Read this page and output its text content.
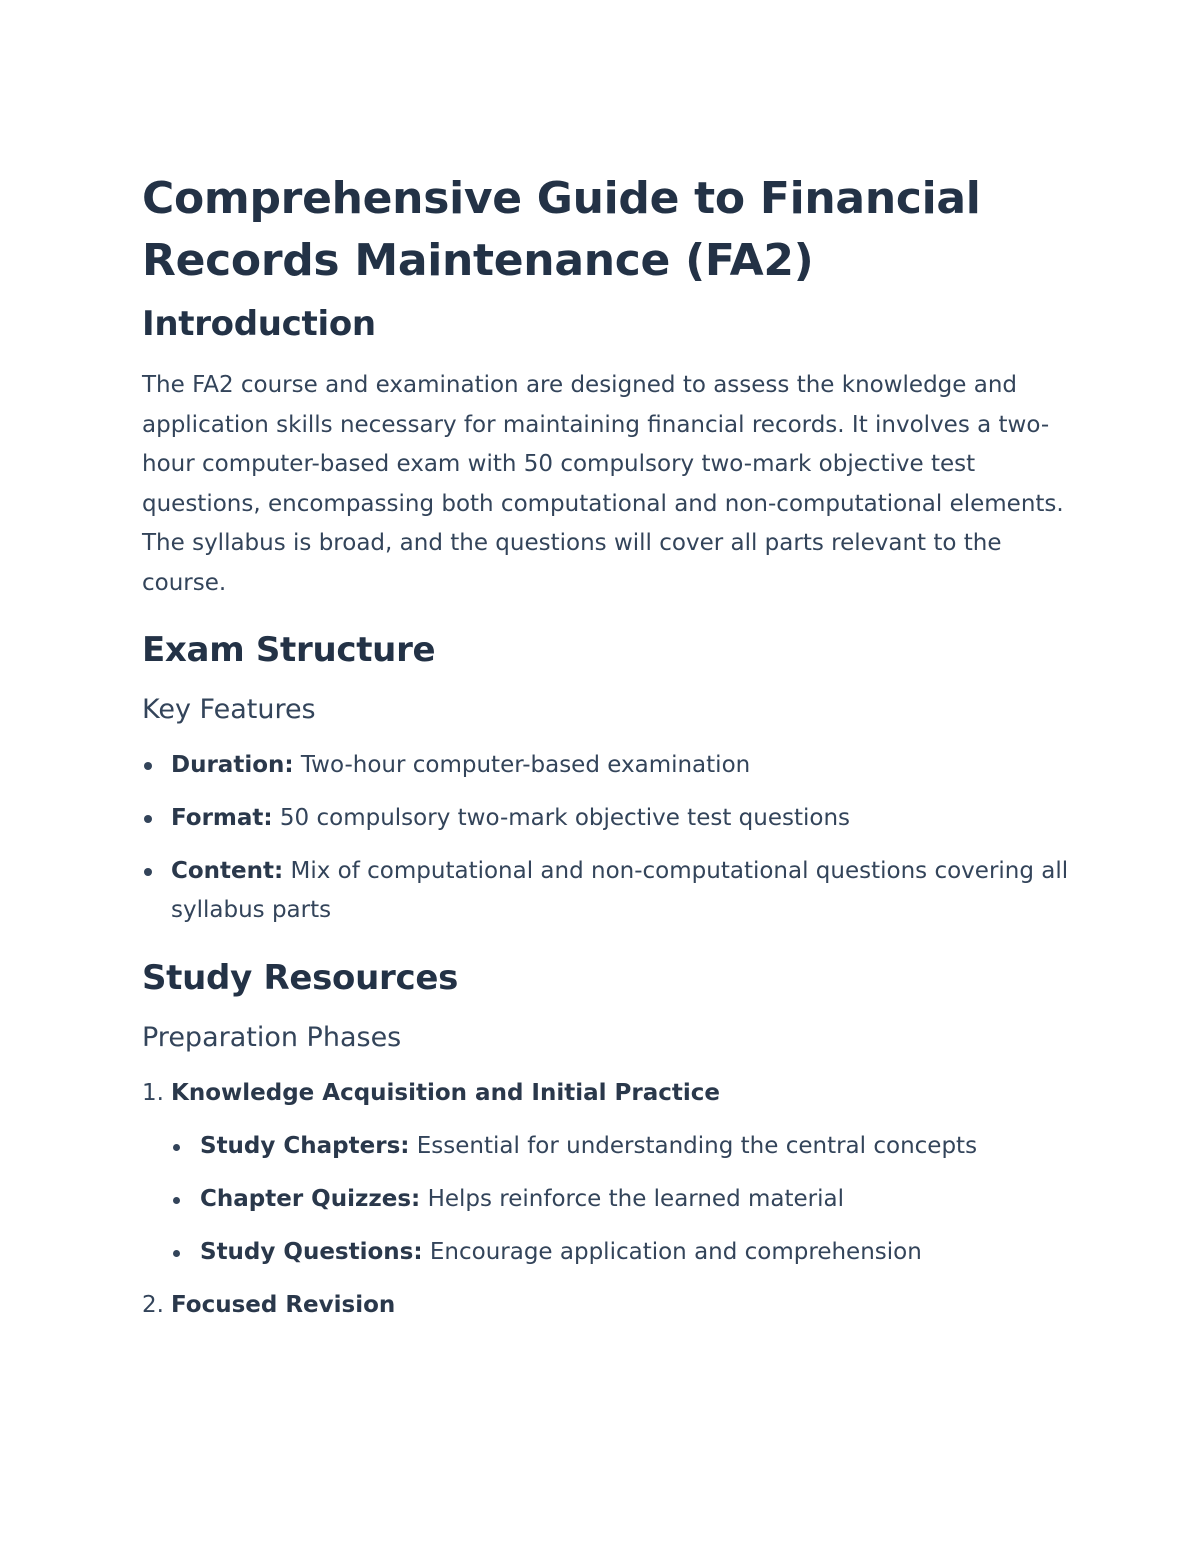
Comprehensive Guide to Financial Records Maintenance (FA2)
Introduction

The FA2 course and examination are designed to assess the knowledge and application skills necessary for maintaining financial records. It involves a two-hour computer-based exam with 50 compulsory two-mark objective test questions, encompassing both computational and non-computational elements. The syllabus is broad, and the questions will cover all parts relevant to the course.

Exam Structure
Key Features
Duration: Two-hour computer-based examination
Format: 50 compulsory two-mark objective test questions
Content: Mix of computational and non-computational questions covering all syllabus parts
Study Resources
Preparation Phases
1. Knowledge Acquisition and Initial Practice
Study Chapters: Essential for understanding the central concepts
Chapter Quizzes: Helps reinforce the learned material
Study Questions: Encourage application and comprehension
2. Focused Revision
